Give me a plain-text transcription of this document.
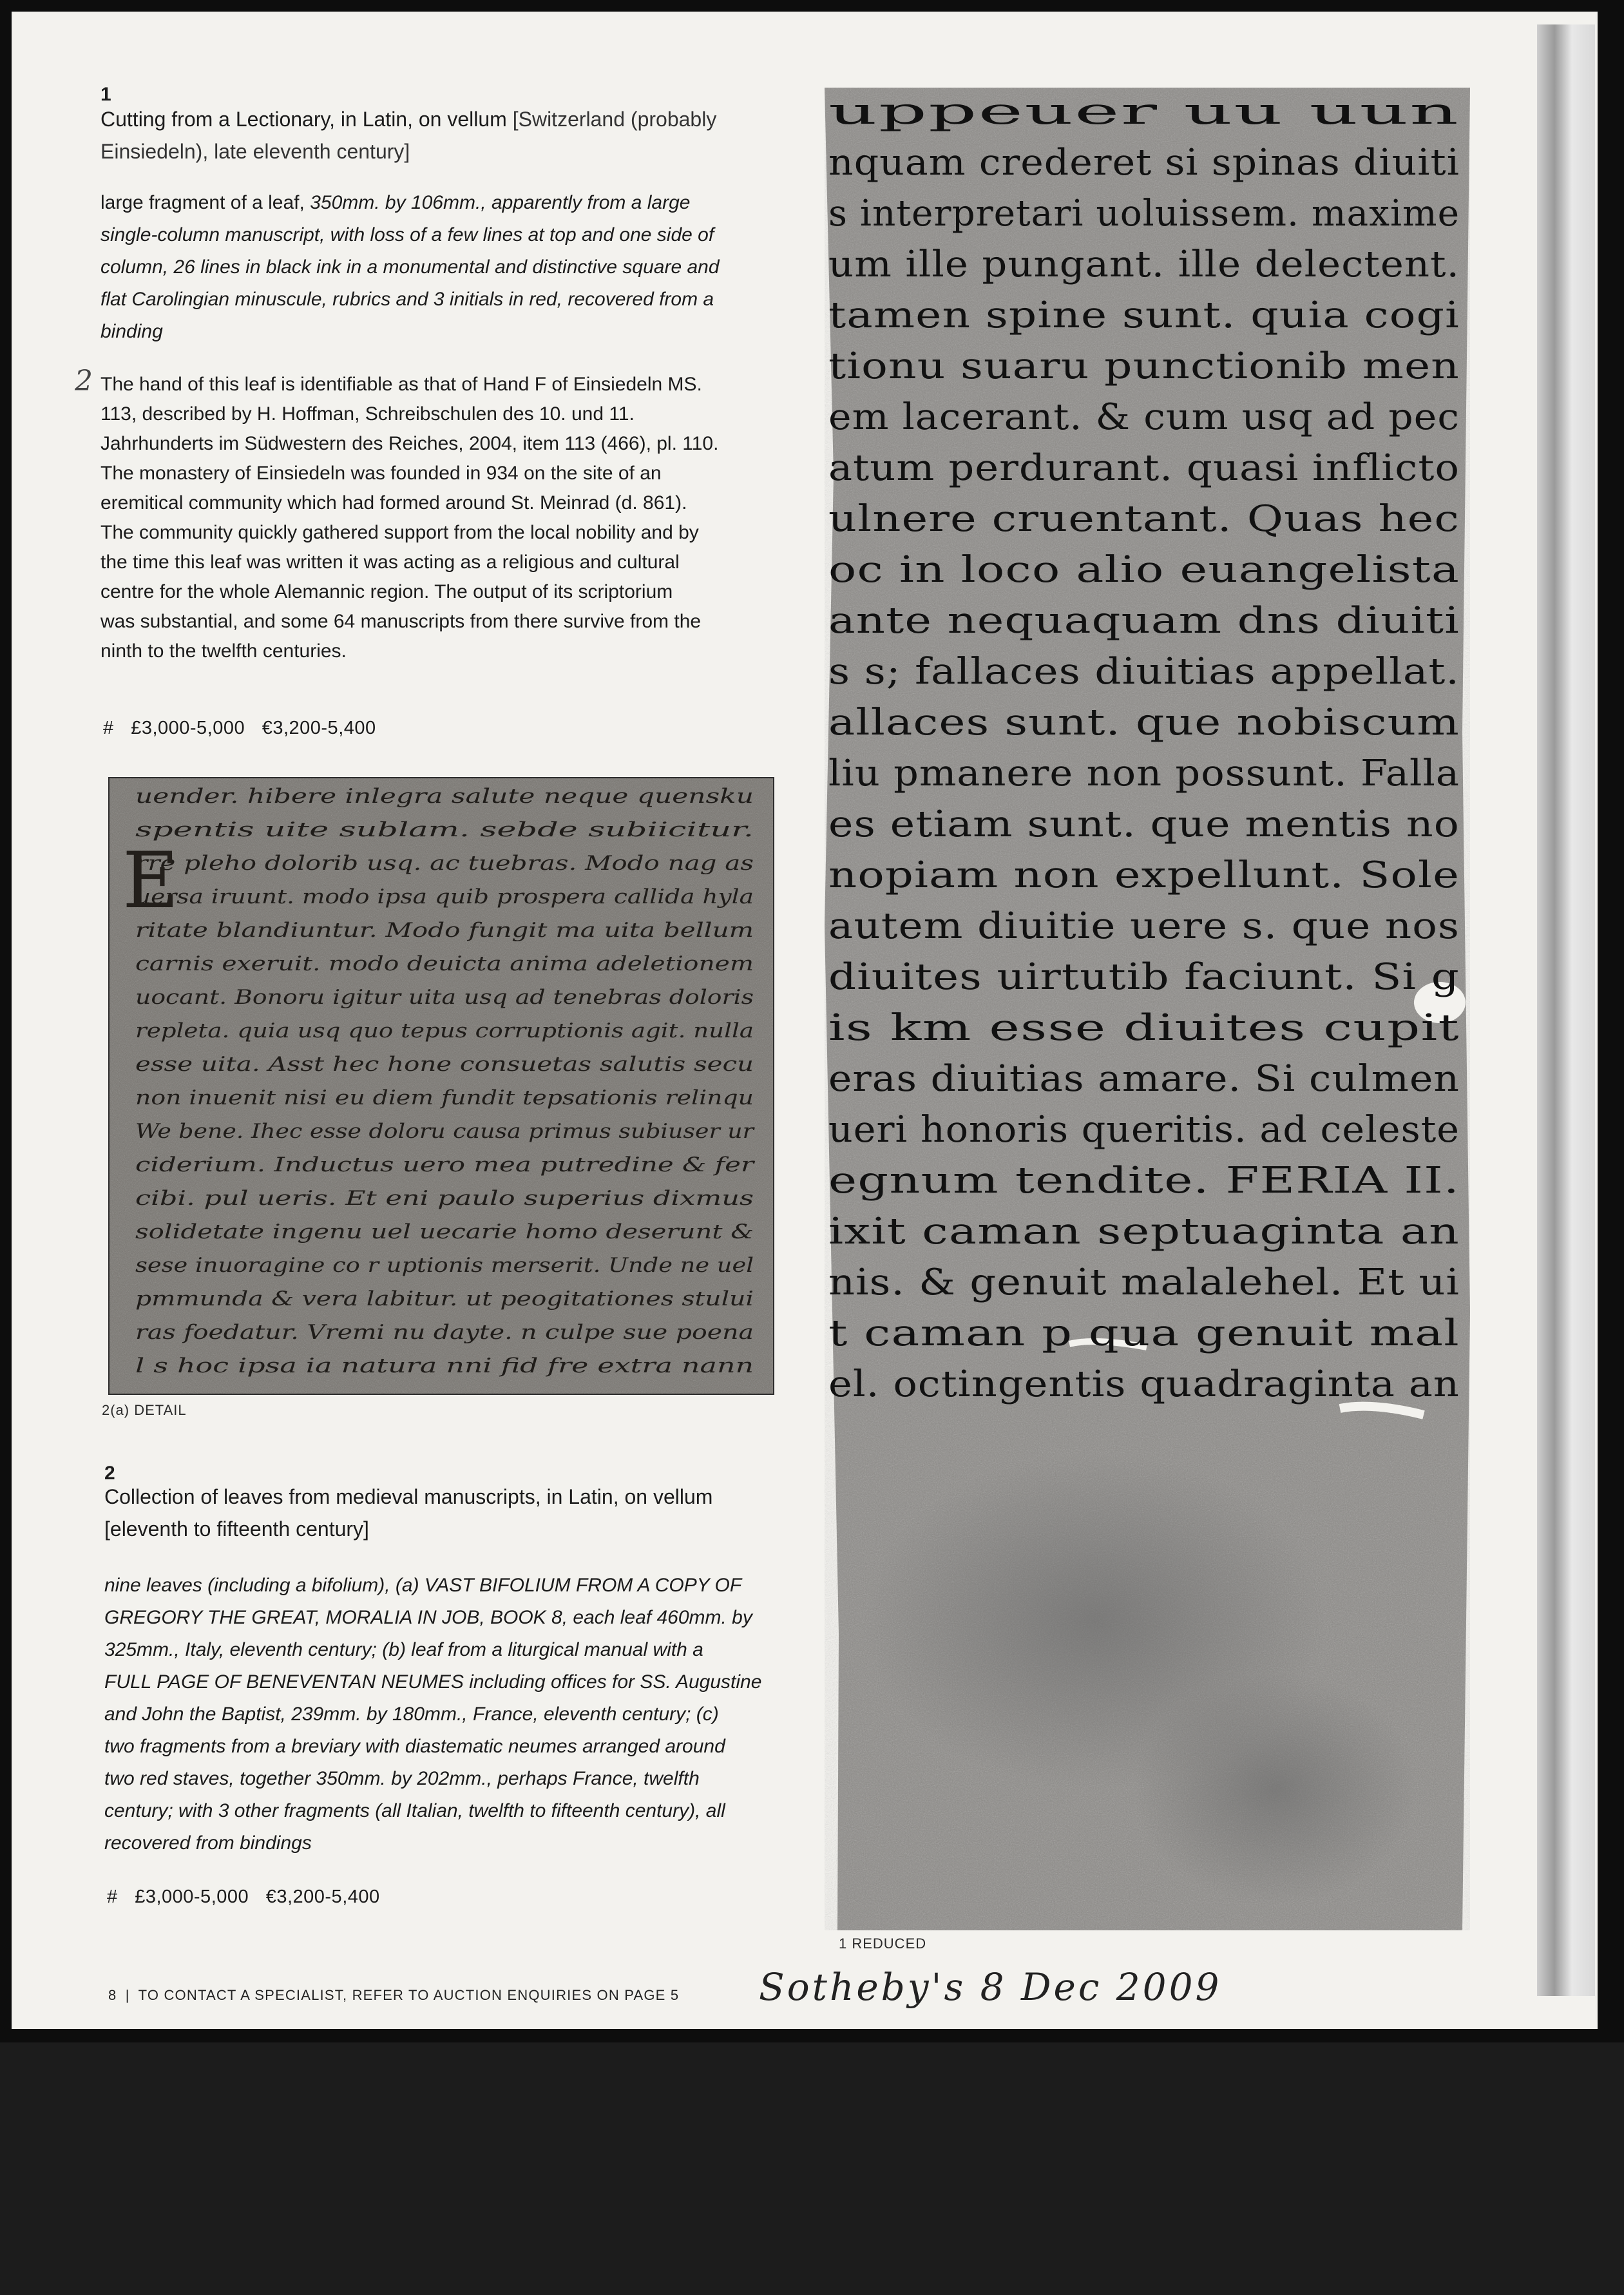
1
Cutting from a Lectionary, in Latin, on vellum [Switzerland (probably
Einsiedeln), late eleventh century]
large fragment of a leaf, 350mm. by 106mm., apparently from a large
single-column manuscript, with loss of a few lines at top and one side of
column, 26 lines in black ink in a monumental and distinctive square and
flat Carolingian minuscule, rubrics and 3 initials in red, recovered from a
binding
2 The hand of this leaf is identifiable as that of Hand F of Einsiedeln MS.
113, described by H. Hoffman, Schreibschulen des 10. und 11.
Jahrhunderts im Südwestern des Reiches, 2004, item 113 (466), pl. 110.
The monastery of Einsiedeln was founded in 934 on the site of an
eremitical community which had formed around St. Meinrad (d. 861).
The community quickly gathered support from the local nobility and by
the time this leaf was written it was acting as a religious and cultural
centre for the whole Alemannic region. The output of its scriptorium
was substantial, and some 64 manuscripts from there survive from the
ninth to the twelfth centuries.
# £3,000-5,000 €3,200-5,400
uender. hibere inlegra salute neque quensku
spentis uite sublam. sebde subiicitur.
rre pleho dolorib usq. ac tuebras. Modo nag as
uersa iruunt. modo ipsa quib prospera callida hyla
ritate blandiuntur. Modo fungit ma uita bellum
carnis exeruit. modo deuicta anima adeletionem
uocant. Bonoru igitur uita usq ad tenebras doloris
repleta. quia usq quo tepus corruptionis agit. nulla
esse uita. Asst hec hone consuetas salutis secu
non inuenit nisi eu diem fundit tepsationis relinqu
We bene. Ihec esse doloru causa primus subiuser ur
ciderium. Inductus uero mea putredine & fer
cibi. pul ueris. Et eni paulo superius dixmus
solidetate ingenu uel uecarie homo deserunt &
sese inuoragine co r uptionis merserit. Unde ne uel
pmmunda & vera labitur. ut peogitationes stului
ras foedatur. Vremi nu dayte. n culpe sue poena
l s hoc ipsa ia natura nni fid fre extra nann
E
2(a) DETAIL
2
Collection of leaves from medieval manuscripts, in Latin, on vellum
[eleventh to fifteenth century]
nine leaves (including a bifolium), (a) VAST BIFOLIUM FROM A COPY OF
GREGORY THE GREAT, MORALIA IN JOB, BOOK 8, each leaf 460mm. by
325mm., Italy, eleventh century; (b) leaf from a liturgical manual with a
FULL PAGE OF BENEVENTAN NEUMES including offices for SS. Augustine
and John the Baptist, 239mm. by 180mm., France, eleventh century; (c)
two fragments from a breviary with diastematic neumes arranged around
two red staves, together 350mm. by 202mm., perhaps France, twelfth
century; with 3 other fragments (all Italian, twelfth to fifteenth century), all
recovered from bindings
# £3,000-5,000 €3,200-5,400
uppeuer uu uun
nquam crederet si spinas diuiti
s interpretari uoluissem. maxime
um ille pungant. ille delectent.
tamen spine sunt. quia cogi
tionu suaru punctionib men
em lacerant. & cum usq ad pec
atum perdurant. quasi inflicto
ulnere cruentant. Quas hec
oc in loco alio euangelista
ante nequaquam dns diuiti
s s; fallaces diuitias appellat.
allaces sunt. que nobiscum
liu pmanere non possunt. Falla
es etiam sunt. que mentis no
nopiam non expellunt. Sole
autem diuitie uere s. que nos
diuites uirtutib faciunt. Si g
is km esse diuites cupit
eras diuitias amare. Si culmen
ueri honoris queritis. ad celeste
egnum tendite. FERIA II.
ixit caman septuaginta an
nis. & genuit malalehel. Et ui
t caman p qua genuit mal
el. octingentis quadraginta an
1 REDUCED
8 | TO CONTACT A SPECIALIST, REFER TO AUCTION ENQUIRIES ON PAGE 5 Sotheby's 8 Dec 2009
